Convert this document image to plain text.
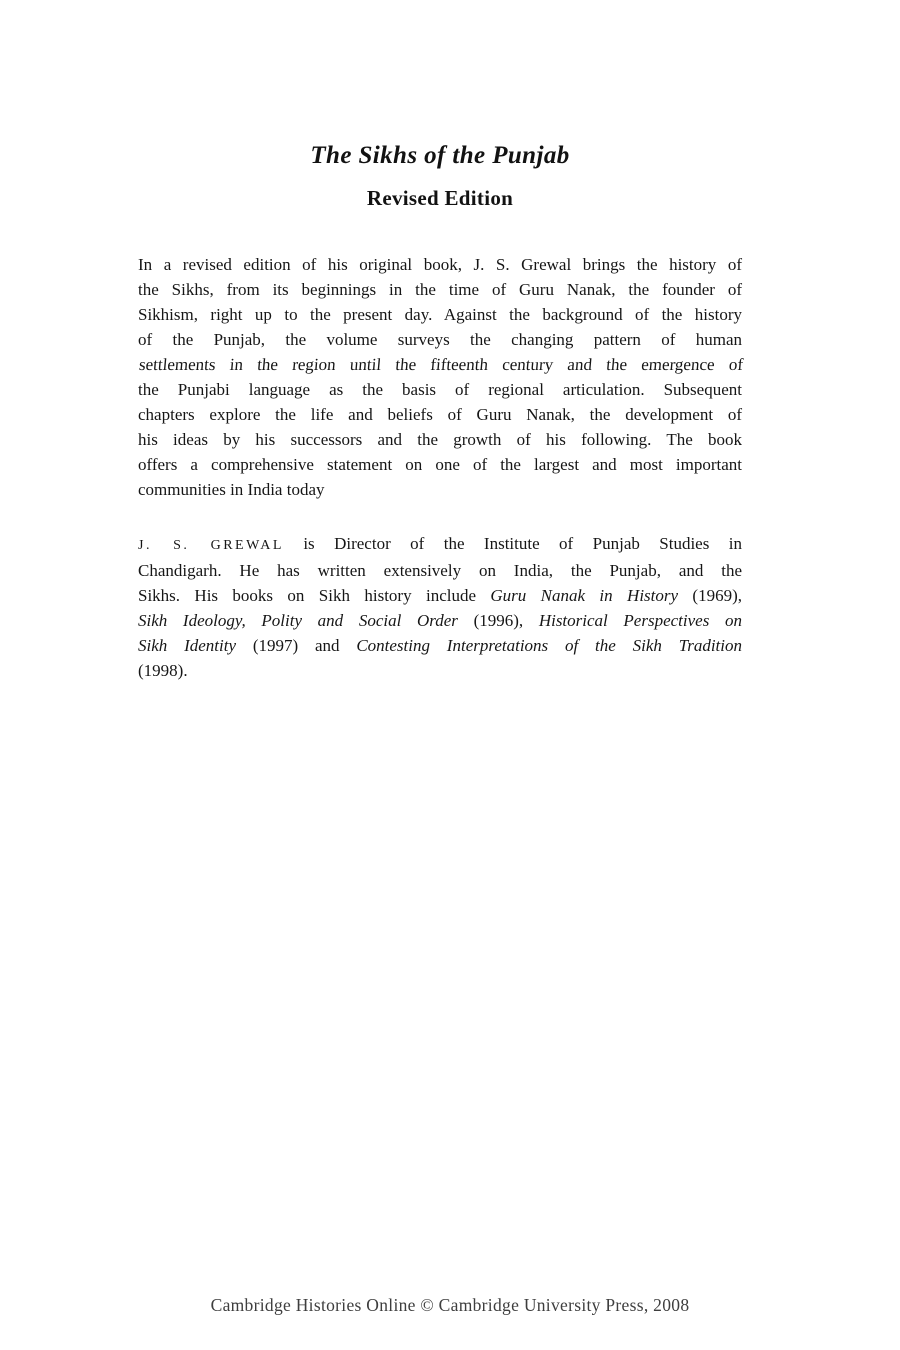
The Sikhs of the Punjab
Revised Edition
In a revised edition of his original book, J. S. Grewal brings the history of
the Sikhs, from its beginnings in the time of Guru Nanak, the founder of
Sikhism, right up to the present day. Against the background of the history
of the Punjab, the volume surveys the changing pattern of human
settlements in the region until the fifteenth century and the emergence of
the Punjabi language as the basis of regional articulation. Subsequent
chapters explore the life and beliefs of Guru Nanak, the development of
his ideas by his successors and the growth of his following. The book
offers a comprehensive statement on one of the largest and most important
communities in India today
J. S. GREWAL is Director of the Institute of Punjab Studies in
Chandigarh. He has written extensively on India, the Punjab, and the
Sikhs. His books on Sikh history include Guru Nanak in History (1969),
Sikh Ideology, Polity and Social Order (1996), Historical Perspectives on
Sikh Identity (1997) and Contesting Interpretations of the Sikh Tradition
(1998).
Cambridge Histories Online © Cambridge University Press, 2008
